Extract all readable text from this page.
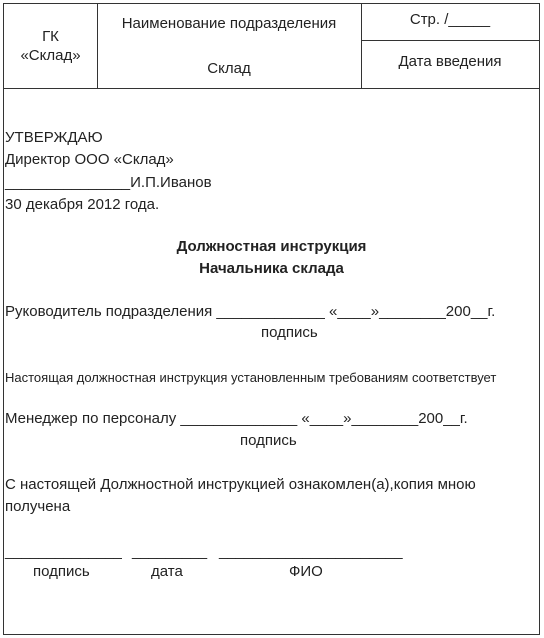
ГК
«Склад»
Наименование подразделения
Склад
Стр. /_____
Дата введения
УТВЕРЖДАЮ
Директор ООО «Склад»
_______________И.П.Иванов
30 декабря 2012 года.
Должностная инструкция
Начальника склада
Руководитель подразделения _____________ «____»________200__г.
подпись
Настоящая должностная инструкция установленным требованиям соответствует
Менеджер по персоналу ______________ «____»________200__г.
подпись
С настоящей Должностной инструкцией ознакомлен(а),копия мною
получена
______________ _________ ______________________
подпись	дата	ФИО
